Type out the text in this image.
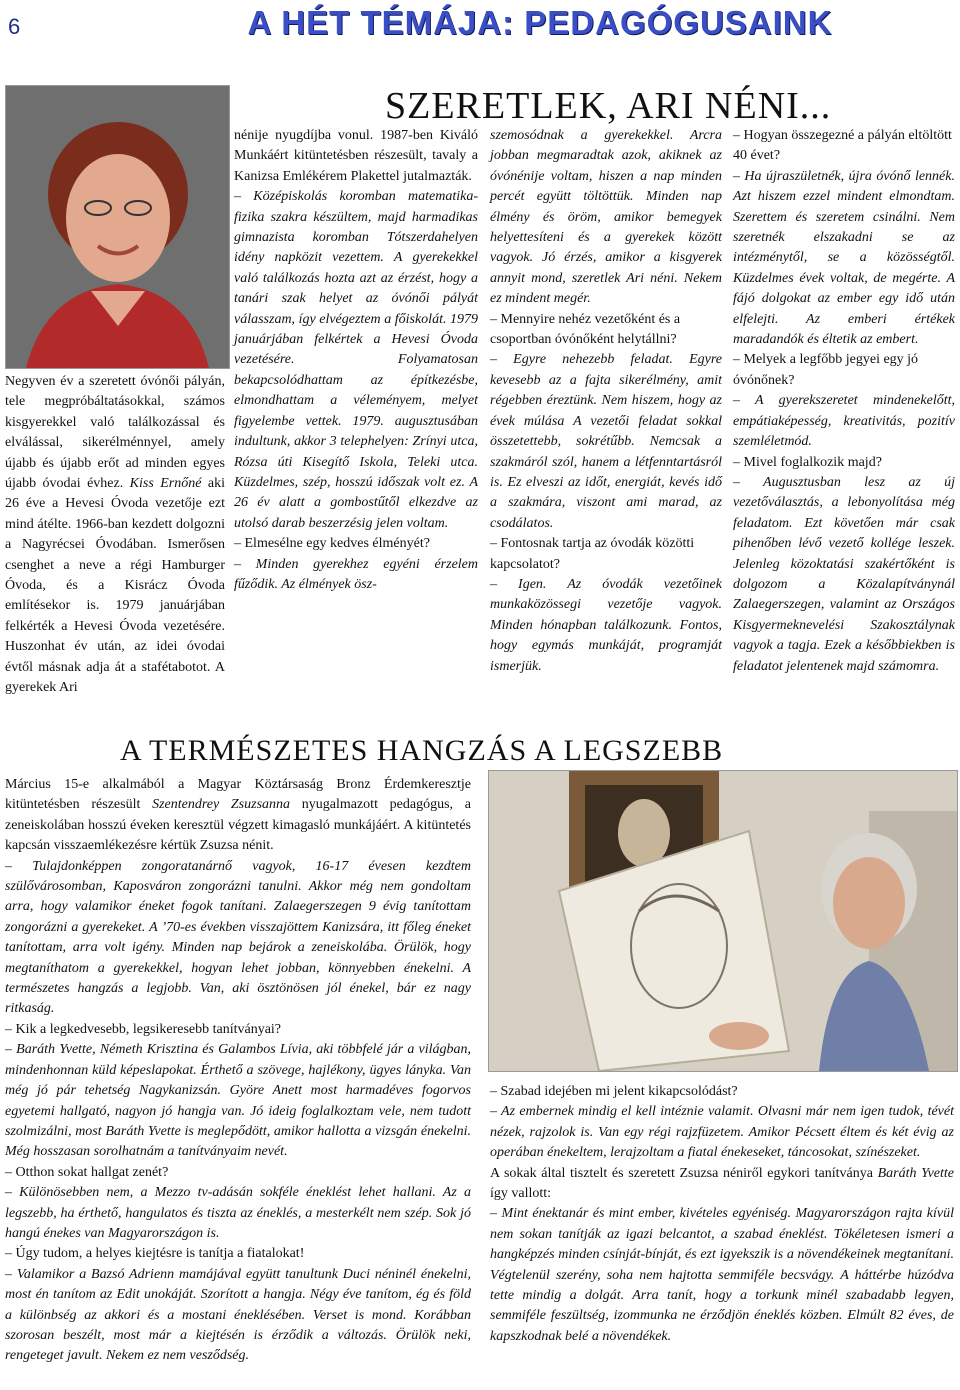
6	A HÉT TÉMÁJA: PEDAGÓGUSAINK
SZERETLEK, ARI NÉNI...

Negyven év a szeretett óvónői pályán, tele megpróbáltatásokkal, számos kisgyerekkel való találkozással és elválással, sikerélménnyel, amely újabb és újabb erőt ad minden egyes újabb óvodai évhez. Kiss Ernőné aki 26 éve a Hevesi Óvoda vezetője ezt mind átélte. 1966-ban kezdett dolgozni a Nagyrécsei Óvodában. Ismerősen csenghet a neve a régi Hamburger Óvoda, és a Kisrácz Óvoda említésekor is. 1979 januárjában felkérték a Hevesi Óvoda vezetésére. Huszonhat év után, az idei óvodai évtől másnak adja át a stafétabotot. A gyerekek Ari

nénije nyugdíjba vonul. 1987-ben Kiváló Munkáért kitüntetésben részesült, tavaly a Kanizsa Emlékérem Plakettel jutalmazták.

– Középiskolás koromban matematika-fizika szakra készültem, majd harmadikas gimnazista koromban Tótszerdahelyen idény napközit vezettem. A gyerekekkel való találkozás hozta azt az érzést, hogy a tanári szak helyet az óvónői pályát válasszam, így elvégeztem a főiskolát. 1979 januárjában felkértek a Hevesi Óvoda vezetésére. Folyamatosan bekapcsolódhattam az építkezésbe, elmondhattam a véleményem, melyet figyelembe vettek. 1979. augusztusában indultunk, akkor 3 telephelyen: Zrínyi utca, Rózsa úti Kisegítő Iskola, Teleki utca. Küzdelmes, szép, hosszú időszak volt ez. A 26 év alatt a gombostűtől elkezdve az utolsó darab beszerzésig jelen voltam.

– Elmesélne egy kedves élményét?

– Minden gyerekhez egyéni érzelem fűződik. Az élmények ösz-

szemosódnak a gyerekekkel. Arcra jobban megmaradtak azok, akiknek az óvónénije voltam, hiszen a nap minden percét együtt töltöttük. Minden nap élmény és öröm, amikor bemegyek helyettesíteni és a gyerekek között vagyok. Jó érzés, amikor a kisgyerek annyit mond, szeretlek Ari néni. Nekem ez mindent megér.

– Mennyire nehéz vezetőként és a csoportban óvónőként helytállni?

– Egyre nehezebb feladat. Egyre kevesebb az a fajta sikerélmény, amit régebben éreztünk. Nem hiszem, hogy az évek múlása A vezetői feladat sokkal összetettebb, sokrétűbb. Nemcsak a szakmáról szól, hanem a létfenntartásról is. Ez elveszi az időt, energiát, kevés idő a szakmára, viszont ami marad, az csodálatos.

– Fontosnak tartja az óvodák közötti kapcsolatot?

– Igen. Az óvodák vezetőinek munkaközössegi vezetője vagyok. Minden hónapban találkozunk. Fontos, hogy egymás munkáját, programját ismerjük.

– Hogyan összegezné a pályán eltöltött 40 évet?

– Ha újraszületnék, újra óvónő lennék. Azt hiszem ezzel mindent elmondtam. Szerettem és szeretem csinálni. Nem szeretnék elszakadni se az intézménytől, se a közösségtől. Küzdelmes évek voltak, de megérte. A fájó dolgokat az ember egy idő után elfelejti. Az emberi értékek maradandók és éltetik az embert.

– Melyek a legfőbb jegyei egy jó óvónőnek?

– A gyerekszeretet mindenekelőtt, empátiaképesség, kreativitás, pozitív szemléletmód.

– Mivel foglalkozik majd?

– Augusztusban lesz az új vezetőválasztás, a lebonyolítása még feladatom. Ezt követően már csak pihenőben lévő vezető kollége leszek. Jelenleg közoktatási szakértőként is dolgozom a Közalapítványnál Zalaegerszegen, valamint az Országos Kisgyermeknevelési Szakosztálynak vagyok a tagja. Ezek a későbbiekben is feladatot jelentenek majd számomra.

A TERMÉSZETES HANGZÁS A LEGSZEBB

Március 15-e alkalmából a Magyar Köztársaság Bronz Érdemkeresztje kitüntetésben részesült Szentendrey Zsuzsanna nyugalmazott pedagógus, a zeneiskolában hosszú éveken keresztül végzett kimagasló munkájáért. A kitüntetés kapcsán visszaemlékezésre kértük Zsuzsa nénit.

– Tulajdonképpen zongoratanárnő vagyok, 16-17 évesen kezdtem szülővárosomban, Kaposváron zongorázni tanulni. Akkor még nem gondoltam arra, hogy valamikor éneket fogok tanítani. Zalaegerszegen 9 évig tanítottam zongorázni a gyerekeket. A ’70-es években visszajöttem Kanizsára, itt főleg éneket tanítottam, arra volt igény. Minden nap bejárok a zeneiskolába. Örülök, hogy megtaníthatom a gyerekekkel, hogyan lehet jobban, könnyebben énekelni. A természetes hangzás a legjobb. Van, aki ösztönösen jól énekel, bár ez nagy ritkaság.

– Kik a legkedvesebb, legsikeresebb tanítványai?

– Baráth Yvette, Németh Krisztina és Galambos Lívia, aki többfelé jár a világban, mindenhonnan küld képeslapokat. Érthető a szövege, hajlékony, ügyes lányka. Van még jó pár tehetség Nagykanizsán. Györe Anett most harmadéves fogorvos egyetemi hallgató, nagyon jó hangja van. Jó ideig foglalkoztam vele, nem tudott szolmizálni, most Baráth Yvette is meglepődött, amikor hallotta a vizsgán énekelni. Még hosszasan sorolhatnám a tanítványaim nevét.

– Otthon sokat hallgat zenét?

– Különösebben nem, a Mezzo tv-adásán sokféle éneklést lehet hallani. Az a legszebb, ha érthető, hangulatos és tiszta az éneklés, a mesterkélt nem szép. Sok jó hangú énekes van Magyarországon is.

– Úgy tudom, a helyes kiejtésre is tanítja a fiatalokat!

– Valamikor a Bazsó Adrienn mamájával együtt tanultunk Duci néninél énekelni, most én tanítom az Edit unokáját. Szorított a hangja. Négy éve tanítom, ég és föld a különbség az akkori és a mostani éneklésében. Verset is mond. Korábban szorosan beszélt, most már a kiejtésén is érződik a változás. Örülök neki, rengeteget javult. Nekem ez nem vesződség.

– Szabad idejében mi jelent kikapcsolódást?

– Az embernek mindig el kell intéznie valamit. Olvasni már nem igen tudok, tévét nézek, rajzolok is. Van egy régi rajzfüzetem. Amikor Pécsett éltem és két évig az operában énekeltem, lerajzoltam a fiatal énekeseket, táncosokat, színészeket.

A sokak által tisztelt és szeretett Zsuzsa néniről egykori tanítványa Baráth Yvette így vallott:

– Mint énektanár és mint ember, kivételes egyéniség. Magyarországon rajta kívül nem sokan tanítják az igazi belcantot, a szabad éneklést. Tökéletesen ismeri a hangképzés minden csínját-bínját, és ezt igyekszik is a növendékeinek megtanítani. Végtelenül szerény, soha nem hajtotta semmiféle becsvágy. A háttérbe húzódva tette mindig a dolgát. Arra tanít, hogy a torkunk minél szabadabb legyen, semmiféle feszültség, izommunka ne érződjön éneklés közben. Elmúlt 82 éves, de kapszkodnak belé a növendékek.
